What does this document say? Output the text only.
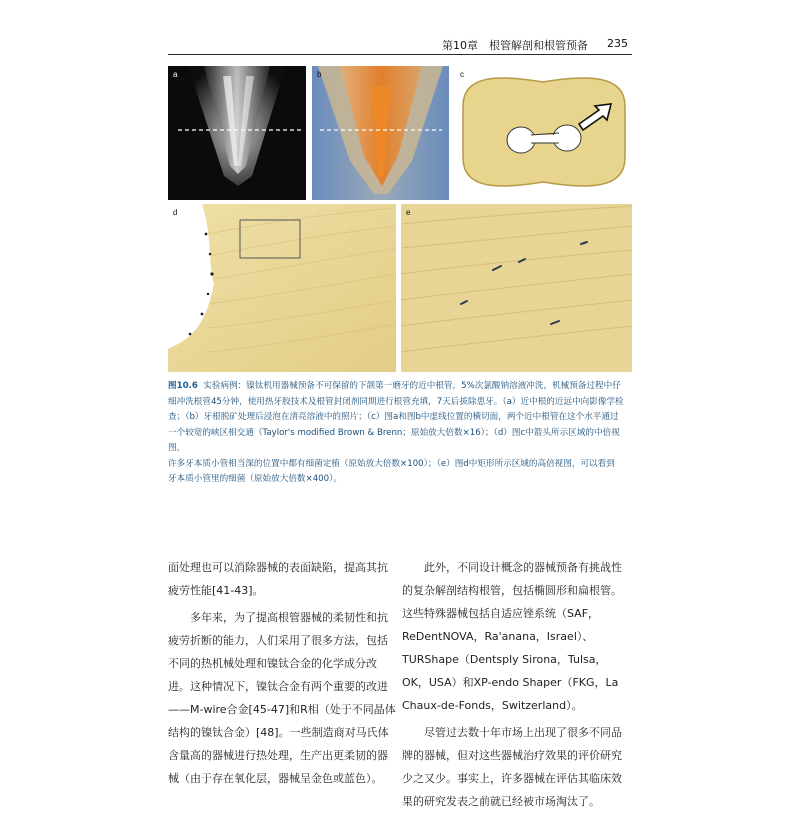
第10章　根管解剖和根管预备 235
a	b	c
d	e
图10.6 实验病例：镍钛机用器械预备不可保留的下颌第一磨牙的近中根管，5%次氯酸钠溶液冲洗，机械预备过程中仔
细冲洗根管45分钟，使用热牙胶技术及根管封闭剂同期进行根管充填，7天后拔除患牙。（a）近中根的近远中向影像学检
查；（b）牙根脱矿处理后浸泡在清亮溶液中的照片；（c）图a和图b中虚线位置的横切面，两个近中根管在这个水平通过
一个较宽的峡区相交通（Taylor's modified Brown & Brenn；原始放大倍数×16）；（d）图c中箭头所示区域的中倍视图，
许多牙本质小管相当深的位置中都有细菌定植（原始放大倍数×100）；（e）图d中矩形所示区域的高倍视图，可以看到
牙本质小管里的细菌（原始放大倍数×400）。

面处理也可以消除器械的表面缺陷，提高其抗疲劳性能[41-43]。

多年来，为了提高根管器械的柔韧性和抗疲劳折断的能力，人们采用了很多方法，包括不同的热机械处理和镍钛合金的化学成分改进。这种情况下，镍钛合金有两个重要的改进——M-wire合金[45-47]和R相（处于不同晶体结构的镍钛合金）[48]。一些制造商对马氏体含量高的器械进行热处理，生产出更柔韧的器械（由于存在氧化层，器械呈金色或蓝色）。

此外，不同设计概念的器械预备有挑战性的复杂解剖结构根管，包括椭圆形和扁根管。这些特殊器械包括自适应锉系统（SAF，ReDentNOVA，Ra'anana，Israel）、TURShape（Dentsply Sirona，Tulsa，OK，USA）和XP-endo Shaper（FKG，La Chaux-de-Fonds，Switzerland）。

尽管过去数十年市场上出现了很多不同品牌的器械，但对这些器械治疗效果的评价研究少之又少。事实上，许多器械在评估其临床效果的研究发表之前就已经被市场淘汰了。
